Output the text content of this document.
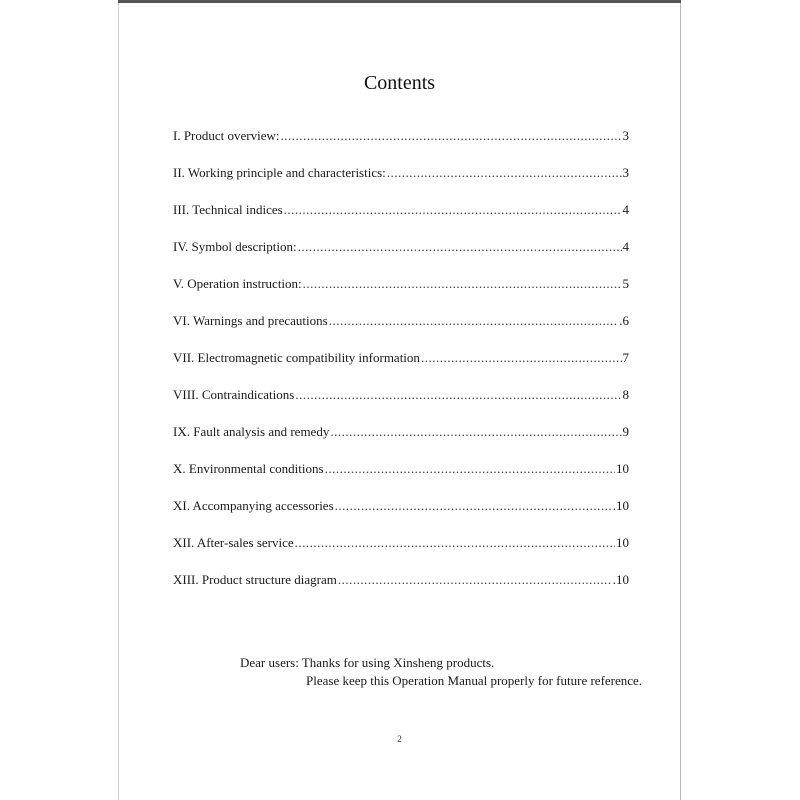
Contents
I. Product overview: .....	3
II. Working principle and characteristics: .....	3
III. Technical indices .....	4
IV. Symbol description: .....	4
V. Operation instruction: .....	5
VI. Warnings and precautions .....	.6
VII. Electromagnetic compatibility information .....	7
VIII. Contraindications .....	8
IX. Fault analysis and remedy .....	9
X. Environmental conditions .....	10
XI. Accompanying accessories .....	.10
XII. After-sales service .....	10
XIII. Product structure diagram .....	.10
Dear users: Thanks for using Xinsheng products.
Please keep this Operation Manual properly for future reference.
2
